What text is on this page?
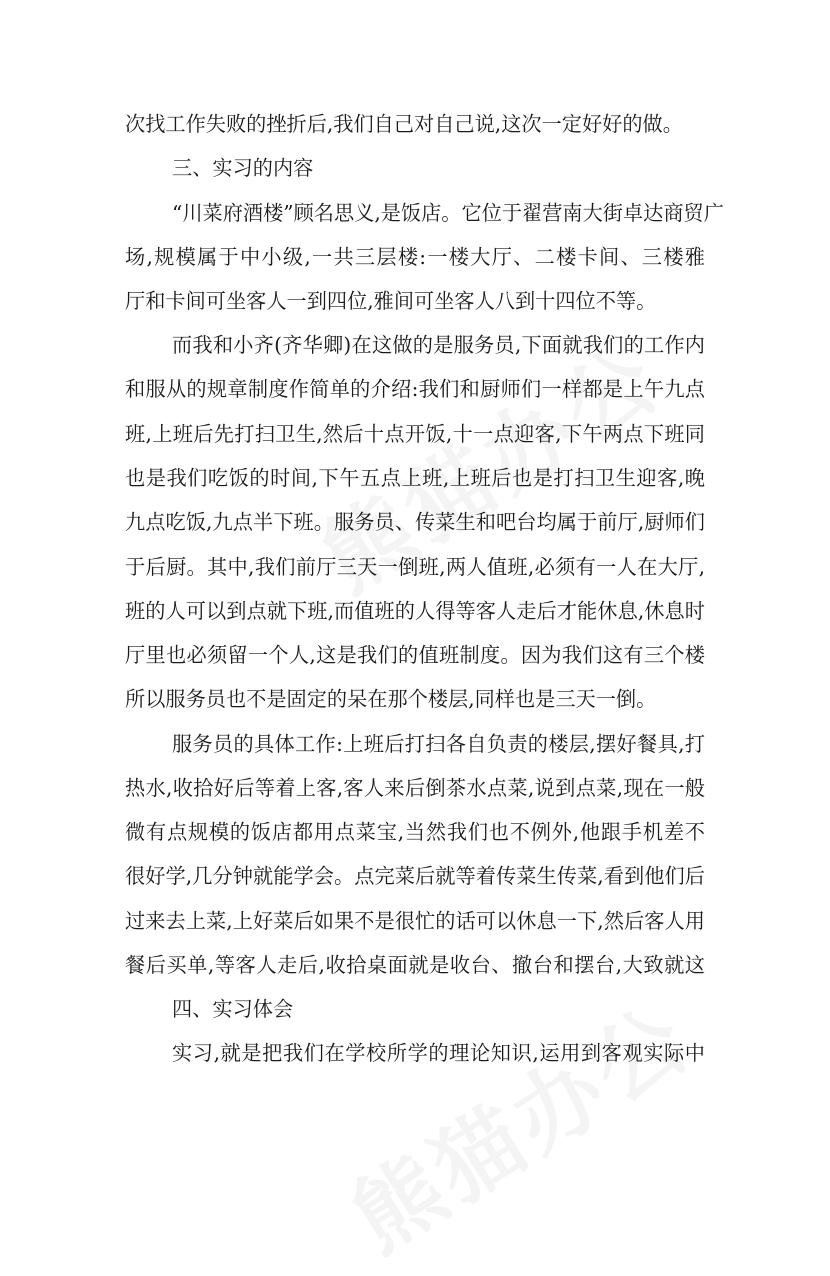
次找工作失败的挫折后,我们自己对自己说,这次一定好好的做。
三、实习的内容
“川菜府酒楼”顾名思义,是饭店。它位于翟营南大街卓达商贸广
场,规模属于中小级,一共三层楼:一楼大厅、二楼卡间、三楼雅
厅和卡间可坐客人一到四位,雅间可坐客人八到十四位不等。
而我和小齐(齐华卿)在这做的是服务员,下面就我们的工作内
和服从的规章制度作简单的介绍:我们和厨师们一样都是上午九点
班,上班后先打扫卫生,然后十点开饭,十一点迎客,下午两点下班同
也是我们吃饭的时间,下午五点上班,上班后也是打扫卫生迎客,晚
九点吃饭,九点半下班。服务员、传菜生和吧台均属于前厅,厨师们
于后厨。其中,我们前厅三天一倒班,两人值班,必须有一人在大厅,
班的人可以到点就下班,而值班的人得等客人走后才能休息,休息时
厅里也必须留一个人,这是我们的值班制度。因为我们这有三个楼
所以服务员也不是固定的呆在那个楼层,同样也是三天一倒。
服务员的具体工作:上班后打扫各自负责的楼层,摆好餐具,打
热水,收拾好后等着上客,客人来后倒茶水点菜,说到点菜,现在一般
微有点规模的饭店都用点菜宝,当然我们也不例外,他跟手机差不
很好学,几分钟就能学会。点完菜后就等着传菜生传菜,看到他们后
过来去上菜,上好菜后如果不是很忙的话可以休息一下,然后客人用
餐后买单,等客人走后,收拾桌面就是收台、撤台和摆台,大致就这
四、实习体会
实习,就是把我们在学校所学的理论知识,运用到客观实际中
